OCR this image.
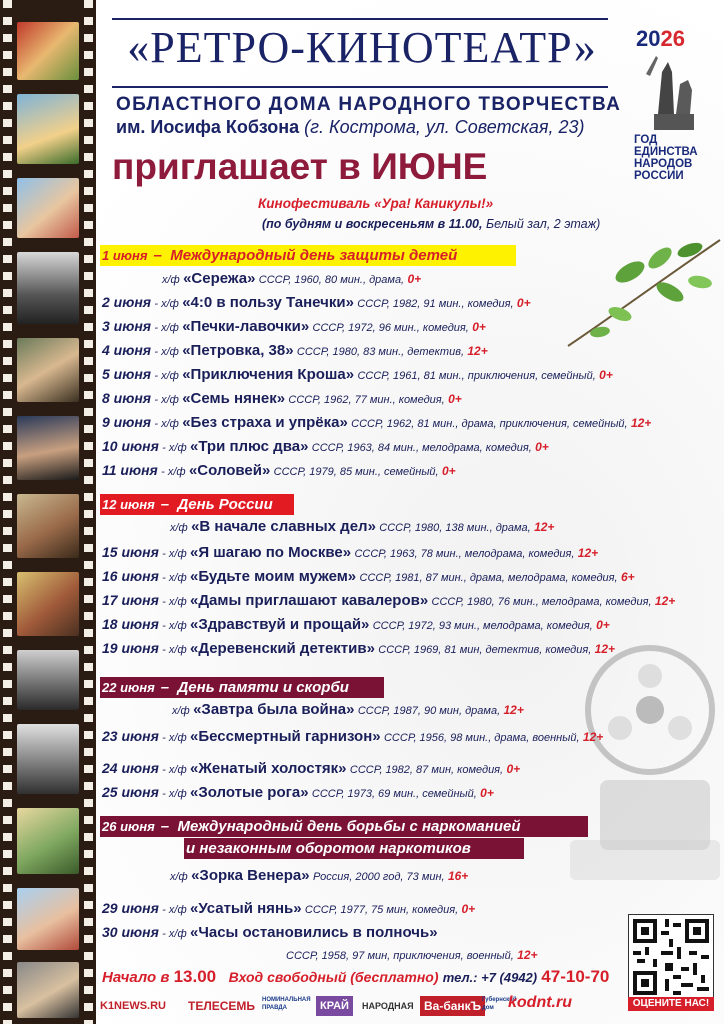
«РЕТРО-КИНОТЕАТР»
ОБЛАСТНОГО ДОМА НАРОДНОГО ТВОРЧЕСТВА
им. Иосифа Кобзона (г. Кострома, ул. Советская, 23)
приглашает в ИЮНЕ
2026
ГОД
ЕДИНСТВА
НАРОДОВ
РОССИИ
Кинофестиваль «Ура! Каникулы!»
(по будням и воскресеньям в 11.00, Белый зал, 2 этаж)
1 июня – Международный день защиты детей
12 июня – День России
22 июня – День памяти и скорби
26 июня – Международный день борьбы с наркоманией
и незаконным оборотом наркотиков
х/ф «Сережа» СССР, 1960, 80 мин., драма, 0+
2 июня - х/ф «4:0 в пользу Танечки» СССР, 1982, 91 мин., комедия, 0+
3 июня - х/ф «Печки-лавочки» СССР, 1972, 96 мин., комедия, 0+
4 июня - х/ф «Петровка, 38» СССР, 1980, 83 мин., детектив, 12+
5 июня - х/ф «Приключения Кроша» СССР, 1961, 81 мин., приключения, семейный, 0+
8 июня - х/ф «Семь нянек» СССР, 1962, 77 мин., комедия, 0+
9 июня - х/ф «Без страха и упрёка» СССР, 1962, 81 мин., драма, приключения, семейный, 12+
10 июня - х/ф «Три плюс два» СССР, 1963, 84 мин., мелодрама, комедия, 0+
11 июня - х/ф «Соловей» СССР, 1979, 85 мин., семейный, 0+
х/ф «В начале славных дел» СССР, 1980, 138 мин., драма, 12+
15 июня - х/ф «Я шагаю по Москве» СССР, 1963, 78 мин., мелодрама, комедия, 12+
16 июня - х/ф «Будьте моим мужем» СССР, 1981, 87 мин., драма, мелодрама, комедия, 6+
17 июня - х/ф «Дамы приглашают кавалеров» СССР, 1980, 76 мин., мелодрама, комедия, 12+
18 июня - х/ф «Здравствуй и прощай» СССР, 1972, 93 мин., мелодрама, комедия, 0+
19 июня - х/ф «Деревенский детектив» СССР, 1969, 81 мин, детектив, комедия, 12+
х/ф «Завтра была война» СССР, 1987, 90 мин, драма, 12+
23 июня - х/ф «Бессмертный гарнизон» СССР, 1956, 98 мин., драма, военный, 12+
24 июня - х/ф «Женатый холостяк» СССР, 1982, 87 мин, комедия, 0+
25 июня - х/ф «Золотые рога» СССР, 1973, 69 мин., семейный, 0+
х/ф «Зорка Венера» Россия, 2000 год, 73 мин, 16+
29 июня - х/ф «Усатый нянь» СССР, 1977, 75 мин, комедия, 0+
30 июня - х/ф «Часы остановились в полночь»
СССР, 1958, 97 мин, приключения, военный, 12+
Начало в 13.00 Вход свободный (бесплатно) тел.: +7 (4942) 47-10-70
K1NEWS.RU ТЕЛЕСЕМЬ НОМИНАЛЬНАЯ ПРАВДА	КРАЙ	НАРОДНАЯ Ва-банкЪ Губернский дом kodnt.ru	ОЦЕНИТЕ НАС!
